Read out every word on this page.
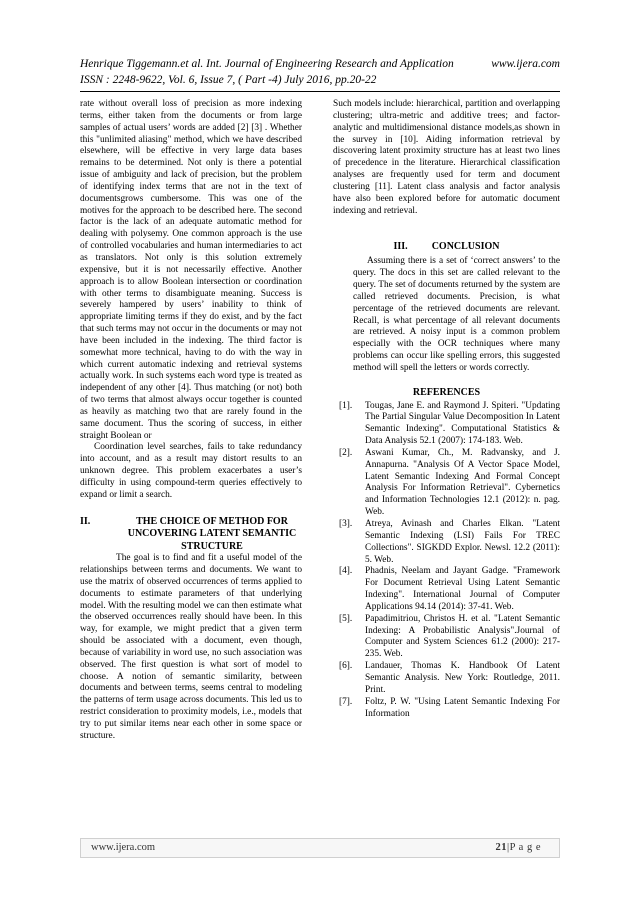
Henrique Tiggemann.et al. Int. Journal of Engineering Research and Application	www.ijera.com
ISSN : 2248-9622, Vol. 6, Issue 7, ( Part -4) July 2016, pp.20-22

rate without overall loss of precision as more indexing terms, either taken from the documents or from large samples of actual users’ words are added [2] [3] . Whether this "unlimited aliasing" method, which we have described elsewhere, will be effective in very large data bases remains to be determined. Not only is there a potential issue of ambiguity and lack of precision, but the problem of identifying index terms that are not in the text of documentsgrows cumbersome. This was one of the motives for the approach to be described here. The second factor is the lack of an adequate automatic method for dealing with polysemy. One common approach is the use of controlled vocabularies and human intermediaries to act as translators. Not only is this solution extremely expensive, but it is not necessarily effective. Another approach is to allow Boolean intersection or coordination with other terms to disambiguate meaning. Success is severely hampered by users’ inability to think of appropriate limiting terms if they do exist, and by the fact that such terms may not occur in the documents or may not have been included in the indexing. The third factor is somewhat more technical, having to do with the way in which current automatic indexing and retrieval systems actually work. In such systems each word type is treated as independent of any other [4]. Thus matching (or not) both of two terms that almost always occur together is counted as heavily as matching two that are rarely found in the same document. Thus the scoring of success, in either straight Boolean or

Coordination level searches, fails to take redundancy into account, and as a result may distort results to an unknown degree. This problem exacerbates a user’s difficulty in using compound-term queries effectively to expand or limit a search.

II.	THE CHOICE OF METHOD FOR UNCOVERING LATENT SEMANTIC STRUCTURE

The goal is to find and fit a useful model of the relationships between terms and documents. We want to use the matrix of observed occurrences of terms applied to documents to estimate parameters of that underlying model. With the resulting model we can then estimate what the observed occurrences really should have been. In this way, for example, we might predict that a given term should be associated with a document, even though, because of variability in word use, no such association was observed. The first question is what sort of model to choose. A notion of semantic similarity, between documents and between terms, seems central to modeling the patterns of term usage across documents. This led us to restrict consideration to proximity models, i.e., models that try to put similar items near each other in some space or structure.

Such models include: hierarchical, partition and overlapping clustering; ultra-metric and additive trees; and factor-analytic and multidimensional distance models,as shown in the survey in [10]. Aiding information retrieval by discovering latent proximity structure has at least two lines of precedence in the literature. Hierarchical classification analyses are frequently used for term and document clustering [11]. Latent class analysis and factor analysis have also been explored before for automatic document indexing and retrieval.

III. CONCLUSION

Assuming there is a set of ‘correct answers’ to the query. The docs in this set are called relevant to the query. The set of documents returned by the system are called retrieved documents. Precision, is what percentage of the retrieved documents are relevant. Recall, is what percentage of all relevant documents are retrieved. A noisy input is a common problem especially with the OCR techniques where many problems can occur like spelling errors, this suggested method will spell the letters or words correctly.

REFERENCES
[1].	Tougas, Jane E. and Raymond J. Spiteri. "Updating The Partial Singular Value Decomposition In Latent Semantic Indexing". Computational Statistics & Data Analysis 52.1 (2007): 174-183. Web.
[2].	Aswani Kumar, Ch., M. Radvansky, and J. Annapurna. "Analysis Of A Vector Space Model, Latent Semantic Indexing And Formal Concept Analysis For Information Retrieval". Cybernetics and Information Technologies 12.1 (2012): n. pag. Web.
[3].	Atreya, Avinash and Charles Elkan. "Latent Semantic Indexing (LSI) Fails For TREC Collections". SIGKDD Explor. Newsl. 12.2 (2011): 5. Web.
[4].	Phadnis, Neelam and Jayant Gadge. "Framework For Document Retrieval Using Latent Semantic Indexing". International Journal of Computer Applications 94.14 (2014): 37-41. Web.
[5].	Papadimitriou, Christos H. et al. "Latent Semantic Indexing: A Probabilistic Analysis".Journal of Computer and System Sciences 61.2 (2000): 217-235. Web.
[6].	Landauer, Thomas K. Handbook Of Latent Semantic Analysis. New York: Routledge, 2011. Print.
[7].	Foltz, P. W. "Using Latent Semantic Indexing For Information
www.ijera.com	21|P a g e
